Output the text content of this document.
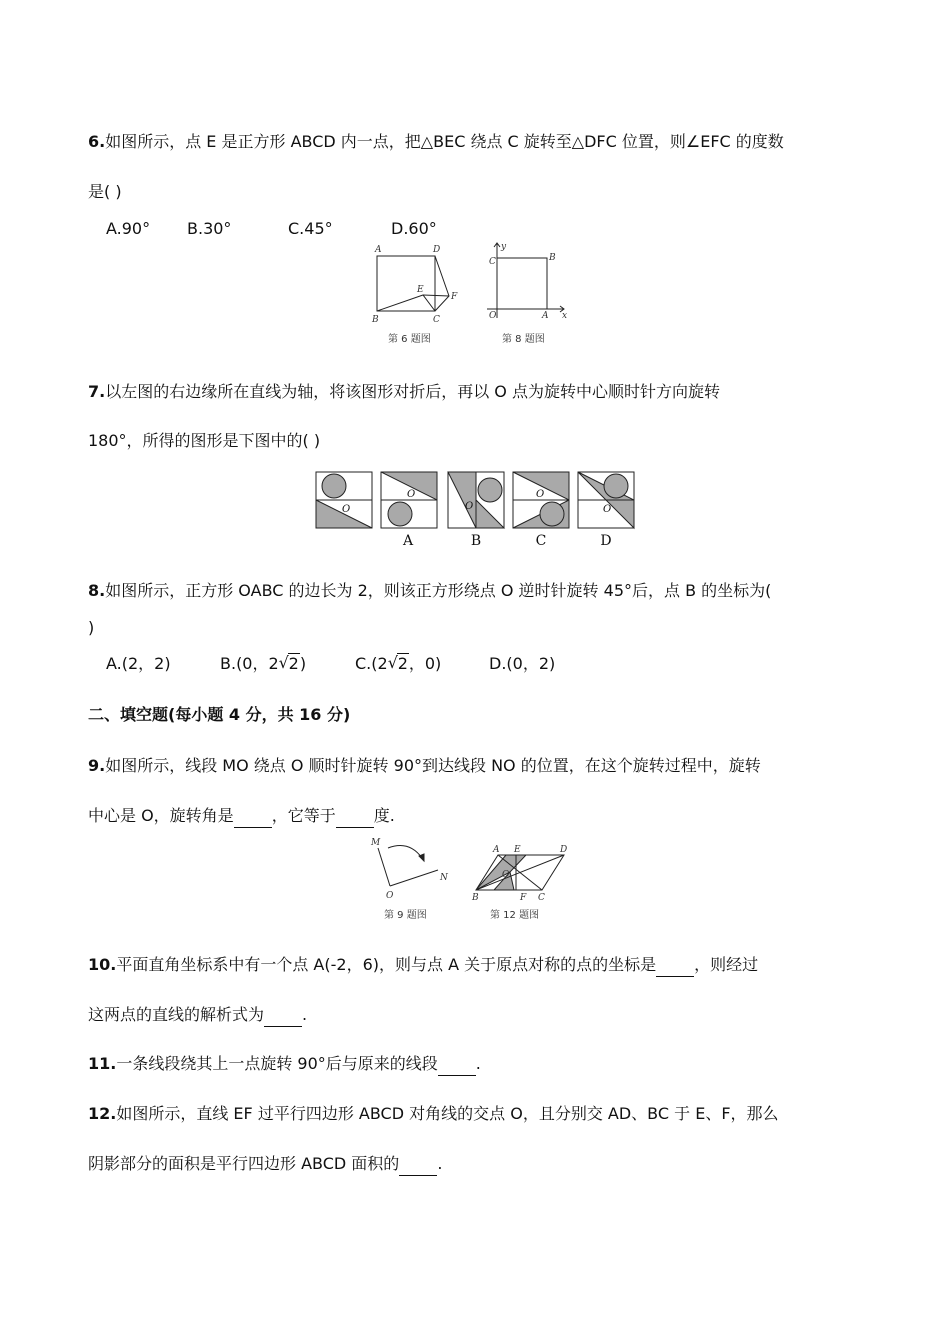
6.如图所示，点 E 是正方形 ABCD 内一点，把△BEC 绕点 C 旋转至△DFC 位置，则∠EFC 的度数
是( )
A.90° B.30°	C.45°	D.60°
A	D
B	C
E
F
第 6 题图
O	A
B
C
x
y
第 8 题图
7.以左图的右边缘所在直线为轴，将该图形对折后，再以 O 点为旋转中心顺时针方向旋转
180°，所得的图形是下图中的( )
O
O
O
O
O
A	B	C	D
8.如图所示，正方形 OABC 的边长为 2，则该正方形绕点 O 逆时针旋转 45°后，点 B 的坐标为(
)
A.(2，2)	B.(0，2 √ 2)	C.(2 √ 2，0)	D.(0，2)
二、填空题(每小题 4 分，共 16 分)
9.如图所示，线段 MO 绕点 O 顺时针旋转 90°到达线段 NO 的位置，在这个旋转过程中，旋转
中心是 O，旋转角是 ，它等于 度.
M
O
N
第 9 题图
A E	D
O
B	F C
第 12 题图
10.平面直角坐标系中有一个点 A(-2，6)，则与点 A 关于原点对称的点的坐标是 ，则经过
这两点的直线的解析式为 .
11.一条线段绕其上一点旋转 90°后与原来的线段 .
12.如图所示，直线 EF 过平行四边形 ABCD 对角线的交点 O，且分别交 AD、BC 于 E、F，那么
阴影部分的面积是平行四边形 ABCD 面积的 .
